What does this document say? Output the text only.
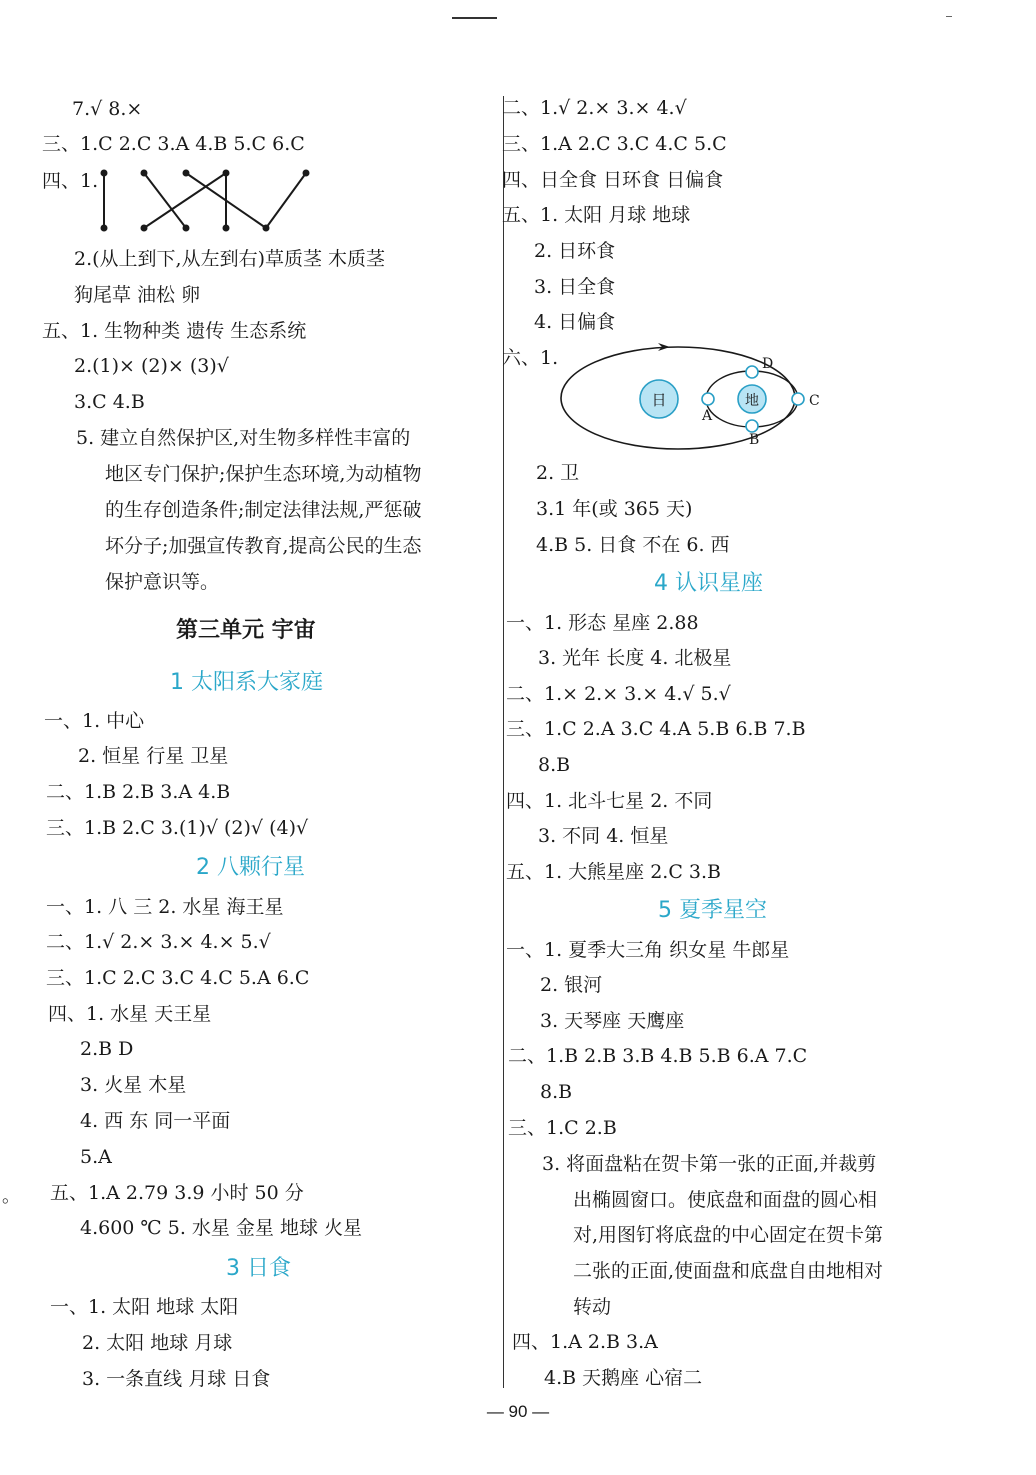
。
7.√ 8.×
三、1.C 2.C 3.A 4.B 5.C 6.C
四、1.
2.(从上到下,从左到右)草质茎 木质茎
狗尾草 油松 卵
五、1. 生物种类 遗传 生态系统
2.(1)× (2)× (3)√
3.C 4.B
5. 建立自然保护区,对生物多样性丰富的
地区专门保护;保护生态环境,为动植物
的生存创造条件;制定法律法规,严惩破
坏分子;加强宣传教育,提高公民的生态
保护意识等。
第三单元 宇宙
1 太阳系大家庭
一、1. 中心
2. 恒星 行星 卫星
二、1.B 2.B 3.A 4.B
三、1.B 2.C 3.(1)√ (2)√ (4)√
2 八颗行星
一、1. 八 三 2. 水星 海王星
二、1.√ 2.× 3.× 4.× 5.√
三、1.C 2.C 3.C 4.C 5.A 6.C
四、1. 水星 天王星
2.B D
3. 火星 木星
4. 西 东 同一平面
5.A
五、1.A 2.79 3.9 小时 50 分
4.600 ℃ 5. 水星 金星 地球 火星
3 日食
一、1. 太阳 地球 太阳
2. 太阳 地球 月球
3. 一条直线 月球 日食
二、1.√ 2.× 3.× 4.√
三、1.A 2.C 3.C 4.C 5.C
四、日全食 日环食 日偏食
五、1. 太阳 月球 地球
2. 日环食
3. 日全食
4. 日偏食
六、1.
日	地
D
B
A
C
2. 卫
3.1 年(或 365 天)
4.B 5. 日食 不在 6. 西
4 认识星座
一、1. 形态 星座 2.88
3. 光年 长度 4. 北极星
二、1.× 2.× 3.× 4.√ 5.√
三、1.C 2.A 3.C 4.A 5.B 6.B 7.B
8.B
四、1. 北斗七星 2. 不同
3. 不同 4. 恒星
五、1. 大熊星座 2.C 3.B
5 夏季星空
一、1. 夏季大三角 织女星 牛郎星
2. 银河
3. 天琴座 天鹰座
二、1.B 2.B 3.B 4.B 5.B 6.A 7.C
8.B
三、1.C 2.B
3. 将面盘粘在贺卡第一张的正面,并裁剪
出椭圆窗口。使底盘和面盘的圆心相
对,用图钉将底盘的中心固定在贺卡第
二张的正面,使面盘和底盘自由地相对
转动
四、1.A 2.B 3.A
4.B 天鹅座 心宿二
— 90 —
